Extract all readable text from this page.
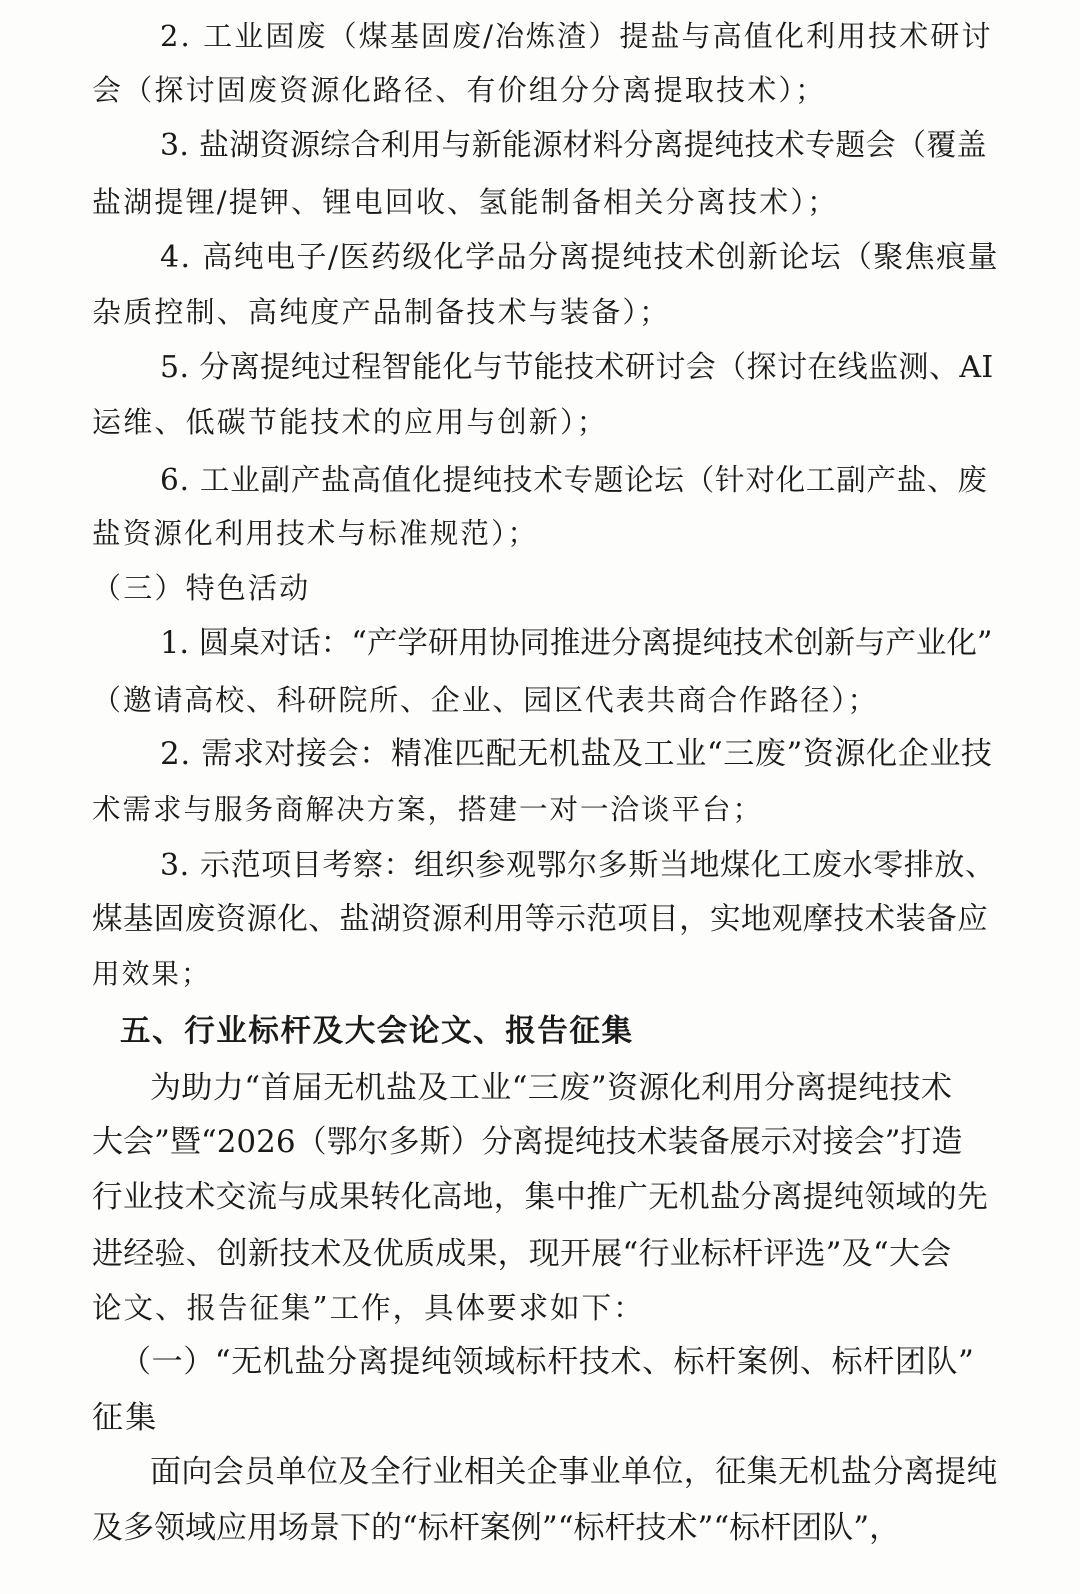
2. 工业固废（煤基固废/冶炼渣）提盐与高值化利用技术研讨
会（探讨固废资源化路径、有价组分分离提取技术）；
3. 盐湖资源综合利用与新能源材料分离提纯技术专题会（覆盖
盐湖提锂/提钾、锂电回收、氢能制备相关分离技术）；
4. 高纯电子/医药级化学品分离提纯技术创新论坛（聚焦痕量
杂质控制、高纯度产品制备技术与装备）；
5. 分离提纯过程智能化与节能技术研讨会（探讨在线监测、AI
运维、低碳节能技术的应用与创新）；
6. 工业副产盐高值化提纯技术专题论坛（针对化工副产盐、废
盐资源化利用技术与标准规范）；
（三）特色活动
1. 圆桌对话：“产学研用协同推进分离提纯技术创新与产业化”
（邀请高校、科研院所、企业、园区代表共商合作路径）；
2. 需求对接会：精准匹配无机盐及工业“三废”资源化企业技
术需求与服务商解决方案，搭建一对一洽谈平台；
3. 示范项目考察：组织参观鄂尔多斯当地煤化工废水零排放、
煤基固废资源化、盐湖资源利用等示范项目，实地观摩技术装备应
用效果；
五、行业标杆及大会论文、报告征集
为助力“首届无机盐及工业“三废”资源化利用分离提纯技术
大会”暨“2026（鄂尔多斯）分离提纯技术装备展示对接会”打造
行业技术交流与成果转化高地，集中推广无机盐分离提纯领域的先
进经验、创新技术及优质成果，现开展“行业标杆评选”及“大会
论文、报告征集”工作，具体要求如下：
（一）“无机盐分离提纯领域标杆技术、标杆案例、标杆团队”
征集
面向会员单位及全行业相关企事业单位，征集无机盐分离提纯
及多领域应用场景下的“标杆案例”“标杆技术”“标杆团队”，
